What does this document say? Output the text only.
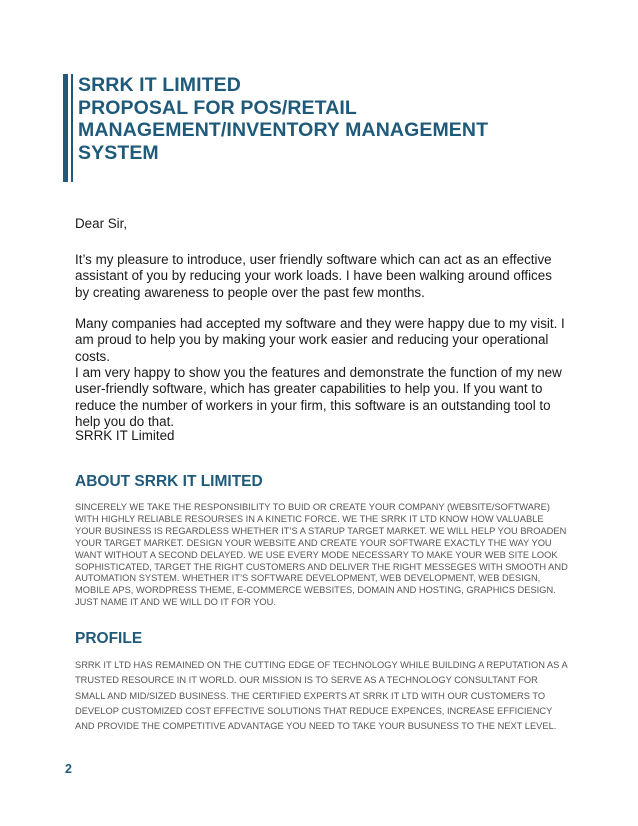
SRRK IT LIMITED
PROPOSAL FOR POS/RETAIL
MANAGEMENT/INVENTORY MANAGEMENT
SYSTEM
Dear Sir,
It’s my pleasure to introduce, user friendly software which can act as an effective assistant of you by reducing your work loads. I have been walking around offices by creating awareness to people over the past few months.
Many companies had accepted my software and they were happy due to my visit. I am proud to help you by making your work easier and reducing your operational costs.
I am very happy to show you the features and demonstrate the function of my new user-friendly software, which has greater capabilities to help you. If you want to reduce the number of workers in your firm, this software is an outstanding tool to help you do that.
SRRK IT Limited
ABOUT SRRK IT LIMITED
SINCERELY WE TAKE THE RESPONSIBILITY TO BUID OR CREATE YOUR COMPANY (WEBSITE/SOFTWARE) WITH HIGHLY RELIABLE RESOURSES IN A KINETIC FORCE. WE THE SRRK IT LTD KNOW HOW VALUABLE YOUR BUSINESS IS REGARDLESS WHETHER IT’S A STARUP TARGET MARKET. WE WILL HELP YOU BROADEN YOUR TARGET MARKET. DESIGN YOUR WEBSITE AND CREATE YOUR SOFTWARE EXACTLY THE WAY YOU WANT WITHOUT A SECOND DELAYED. WE USE EVERY MODE NECESSARY TO MAKE YOUR WEB SITE LOOK SOPHISTICATED, TARGET THE RIGHT CUSTOMERS AND DELIVER THE RIGHT MESSEGES WITH SMOOTH AND AUTOMATION SYSTEM. WHETHER IT’S SOFTWARE DEVELOPMENT, WEB DEVELOPMENT, WEB DESIGN, MOBILE APS, WORDPRESS THEME, E-COMMERCE WEBSITES, DOMAIN AND HOSTING, GRAPHICS DESIGN. JUST NAME IT AND WE WILL DO IT FOR YOU.
PROFILE
SRRK IT LTD HAS REMAINED ON THE CUTTING EDGE OF TECHNOLOGY WHILE BUILDING A REPUTATION AS A TRUSTED RESOURCE IN IT WORLD. OUR MISSION IS TO SERVE AS A TECHNOLOGY CONSULTANT FOR SMALL AND MID/SIZED BUSINESS. THE CERTIFIED EXPERTS AT SRRK IT LTD WITH OUR CUSTOMERS TO DEVELOP CUSTOMIZED COST EFFECTIVE SOLUTIONS THAT REDUCE EXPENCES, INCREASE EFFICIENCY AND PROVIDE THE COMPETITIVE ADVANTAGE YOU NEED TO TAKE YOUR BUSUNESS TO THE NEXT LEVEL.
2
